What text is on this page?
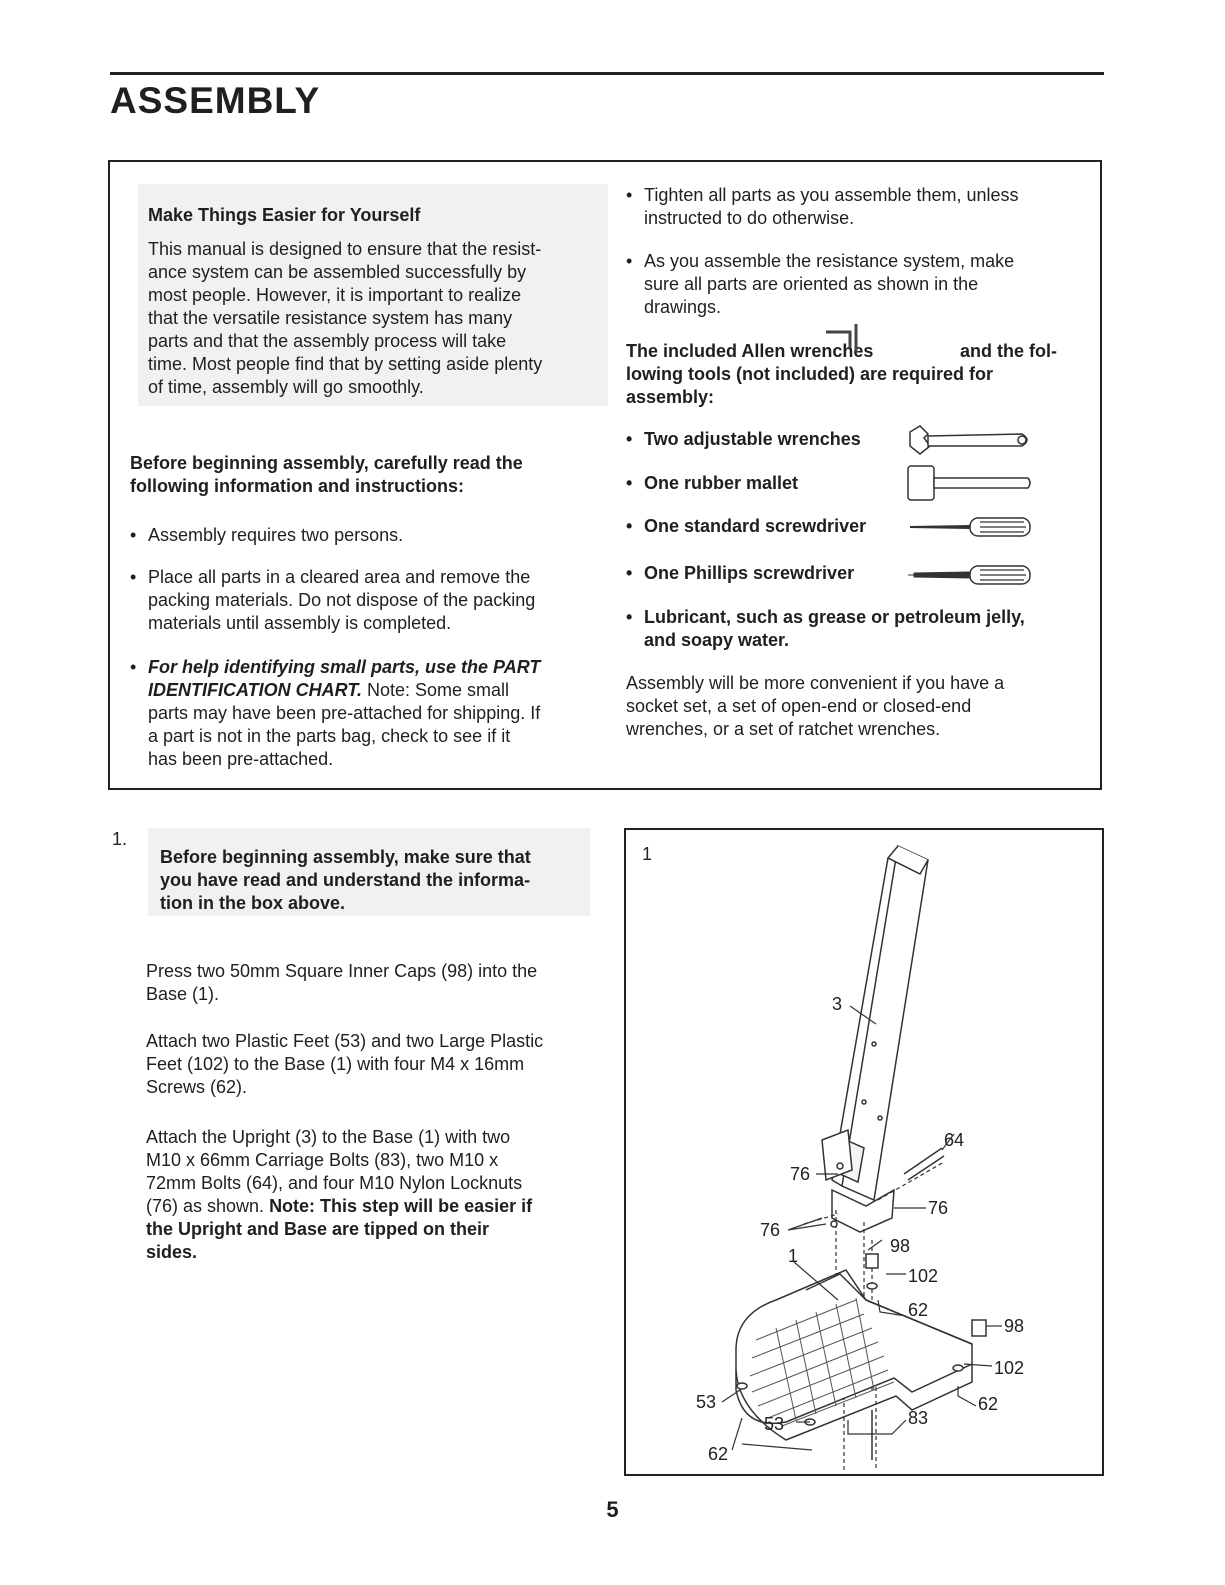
ASSEMBLY

Make Things Easier for Yourself

This manual is designed to ensure that the resist-

ance system can be assembled successfully by

most people. However, it is important to realize

that the versatile resistance system has many

parts and that the assembly process will take

time. Most people find that by setting aside plenty

of time, assembly will go smoothly.

Before beginning assembly, carefully read the

following information and instructions:

• Assembly requires two persons.
• Place all parts in a cleared area and remove the
packing materials. Do not dispose of the packing
materials until assembly is completed.
• For help identifying small parts, use the PART
IDENTIFICATION CHART. Note: Some small
parts may have been pre-attached for shipping. If
a part is not in the parts bag, check to see if it
has been pre-attached.
• Tighten all parts as you assemble them, unless
instructed to do otherwise.
• As you assemble the resistance system, make
sure all parts are oriented as shown in the
drawings.
The included Allen wrenches	and the fol-

lowing tools (not included) are required for

assembly:

• Two adjustable wrenches
• One rubber mallet
• One standard screwdriver
• One Phillips screwdriver
• Lubricant, such as grease or petroleum jelly,
and soapy water.

Assembly will be more convenient if you have a

socket set, a set of open-end or closed-end

wrenches, or a set of ratchet wrenches.

1.

Before beginning assembly, make sure that

you have read and understand the informa-

tion in the box above.

Press two 50mm Square Inner Caps (98) into the

Base (1).

Attach two Plastic Feet (53) and two Large Plastic

Feet (102) to the Base (1) with four M4 x 16mm

Screws (62).

Attach the Upright (3) to the Base (1) with two

M10 x 66mm Carriage Bolts (83), two M10 x

72mm Bolts (64), and four M10 Nylon Locknuts

(76) as shown. Note: This step will be easier if

the Upright and Base are tipped on their

sides.

1
3
64
76
76
76
98
1
102
62
98
102
62
53
53	83
62
5
